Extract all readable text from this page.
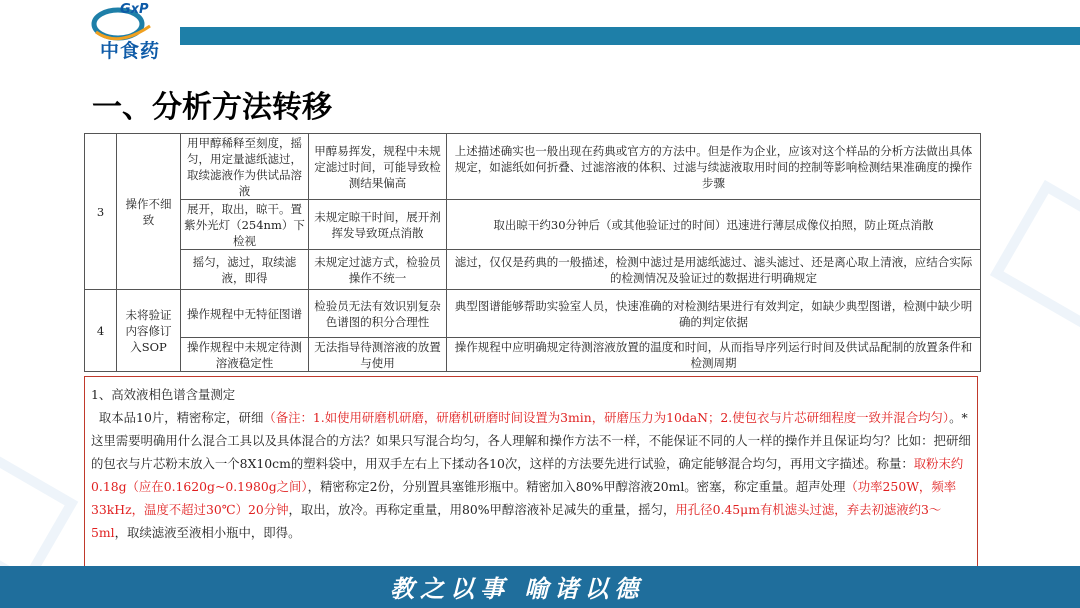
GxP
中食药
一、分析方法转移
3	操作不细致	用甲醇稀释至刻度，摇匀，用定量滤纸滤过，取续滤液作为供试品溶液	甲醇易挥发，规程中未规定滤过时间，可能导致检测结果偏高	上述描述确实也一般出现在药典或官方的方法中。但是作为企业，应该对这个样品的分析方法做出具体规定，如滤纸如何折叠、过滤溶液的体积、过滤与续滤液取用时间的控制等影响检测结果准确度的操作步骤
		展开，取出，晾干。置紫外光灯（254nm）下检视	未规定晾干时间，展开剂挥发导致斑点消散	取出晾干约30分钟后（或其他验证过的时间）迅速进行薄层成像仪拍照，防止斑点消散
		摇匀，滤过，取续滤液，即得	未规定过滤方式，检验员操作不统一	滤过，仅仅是药典的一般描述，检测中滤过是用滤纸滤过、滤头滤过、还是离心取上清液，应结合实际的检测情况及验证过的数据进行明确规定
4	未将验证内容修订入SOP	操作规程中无特征图谱	检验员无法有效识别复杂色谱图的积分合理性	典型图谱能够帮助实验室人员，快速准确的对检测结果进行有效判定，如缺少典型图谱，检测中缺少明确的判定依据
		操作规程中未规定待测溶液稳定性	无法指导待测溶液的放置与使用	操作规程中应明确规定待测溶液放置的温度和时间，从而指导序列运行时间及供试品配制的放置条件和检测周期
1、高效液相色谱含量测定
取本品10片，精密称定，研细（备注：1.如使用研磨机研磨，研磨机研磨时间设置为3min，研磨压力为10daN；2.使包衣与片芯研细程度一致并混合均匀）。*这里需要明确用什么混合工具以及具体混合的方法？如果只写混合均匀，各人理解和操作方法不一样，不能保证不同的人一样的操作并且保证均匀？比如：把研细的包衣与片芯粉末放入一个8X10cm的塑料袋中，用双手左右上下揉动各10次，这样的方法要先进行试验，确定能够混合均匀，再用文字描述。称量：取粉末约0.18g（应在0.1620g~0.1980g之间），精密称定2份，分别置具塞锥形瓶中。精密加入80%甲醇溶液20ml。密塞，称定重量。超声处理（功率250W，频率33kHz，温度不超过30℃）20分钟，取出，放冷。再称定重量，用80%甲醇溶液补足减失的重量，摇匀，用孔径0.45μm有机滤头过滤，弃去初滤液约3～5ml，取续滤液至液相小瓶中，即得。
教之以事 喻诸以德
